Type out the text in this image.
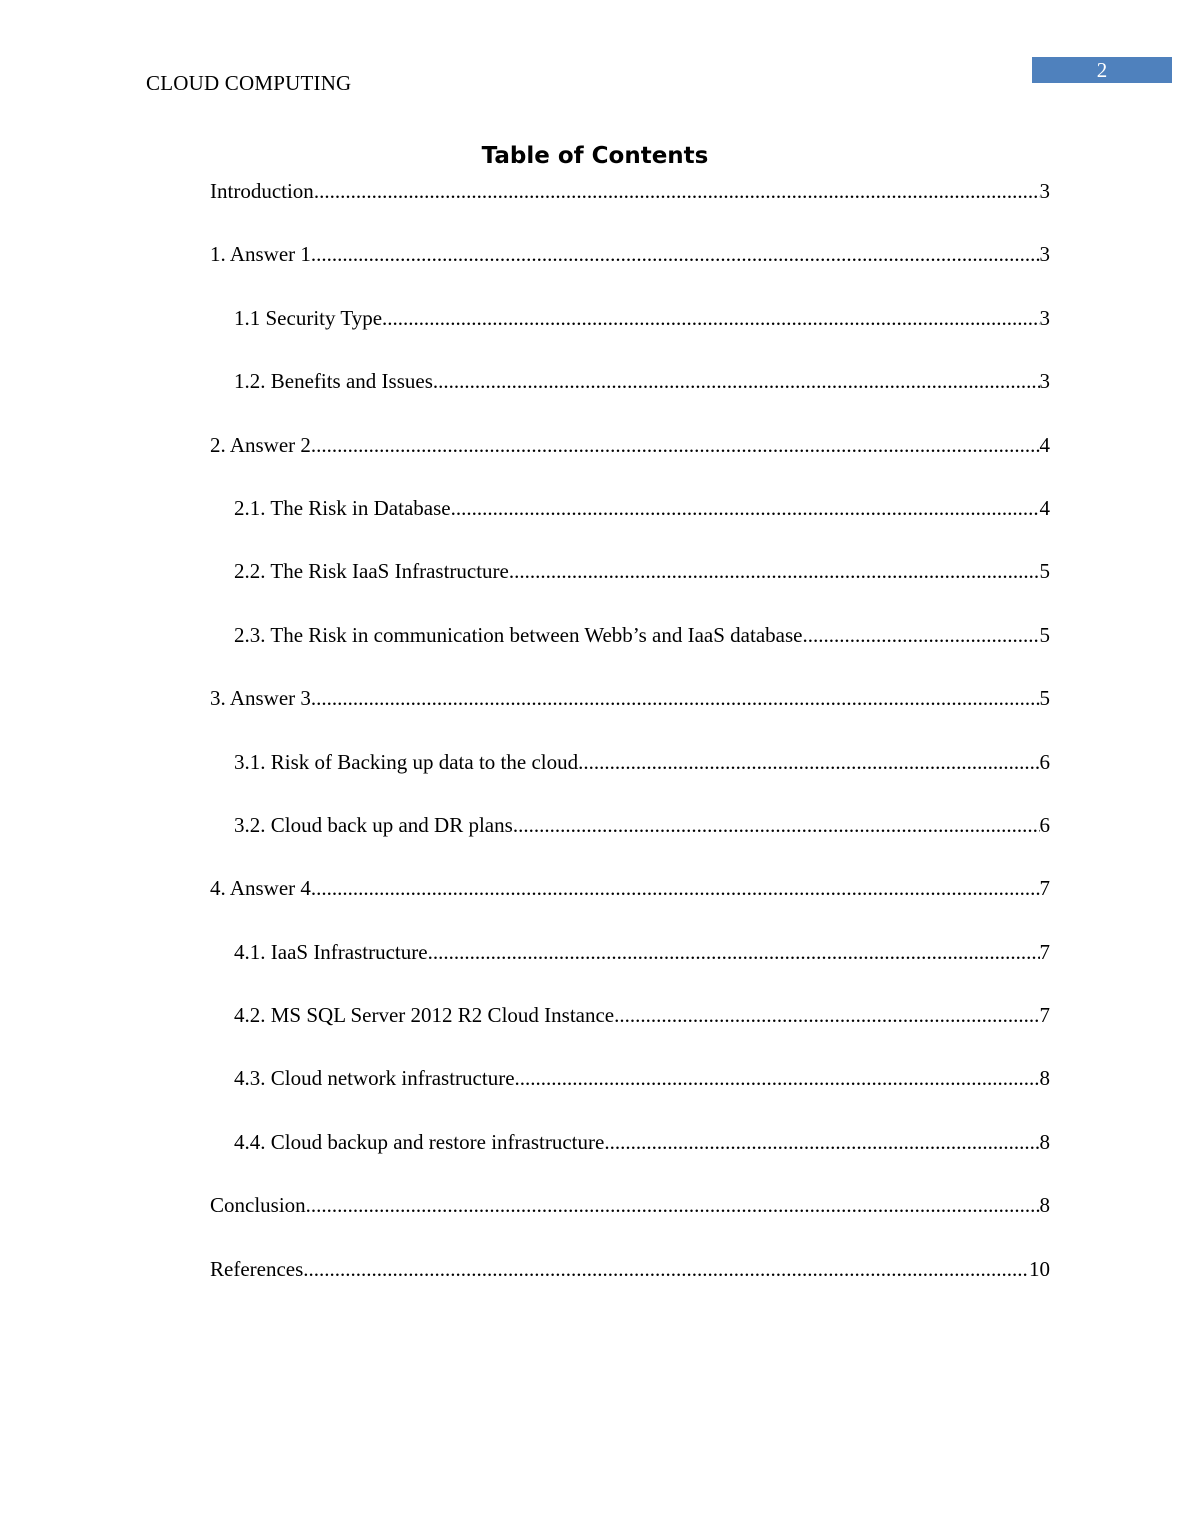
2
CLOUD COMPUTING
Table of Contents
Introduction .....	3
1. Answer 1 .....	3
1.1 Security Type .....	3
1.2. Benefits and Issues .....	3
2. Answer 2 .....	4
2.1. The Risk in Database .....	4
2.2. The Risk IaaS Infrastructure .....	5
2.3. The Risk in communication between Webb’s and IaaS database .....	5
3. Answer 3 .....	5
3.1. Risk of Backing up data to the cloud .....	6
3.2. Cloud back up and DR plans .....	6
4. Answer 4 .....	7
4.1. IaaS Infrastructure .....	7
4.2. MS SQL Server 2012 R2 Cloud Instance .....	7
4.3. Cloud network infrastructure .....	8
4.4. Cloud backup and restore infrastructure .....	8
Conclusion .....	8
References .....	10
